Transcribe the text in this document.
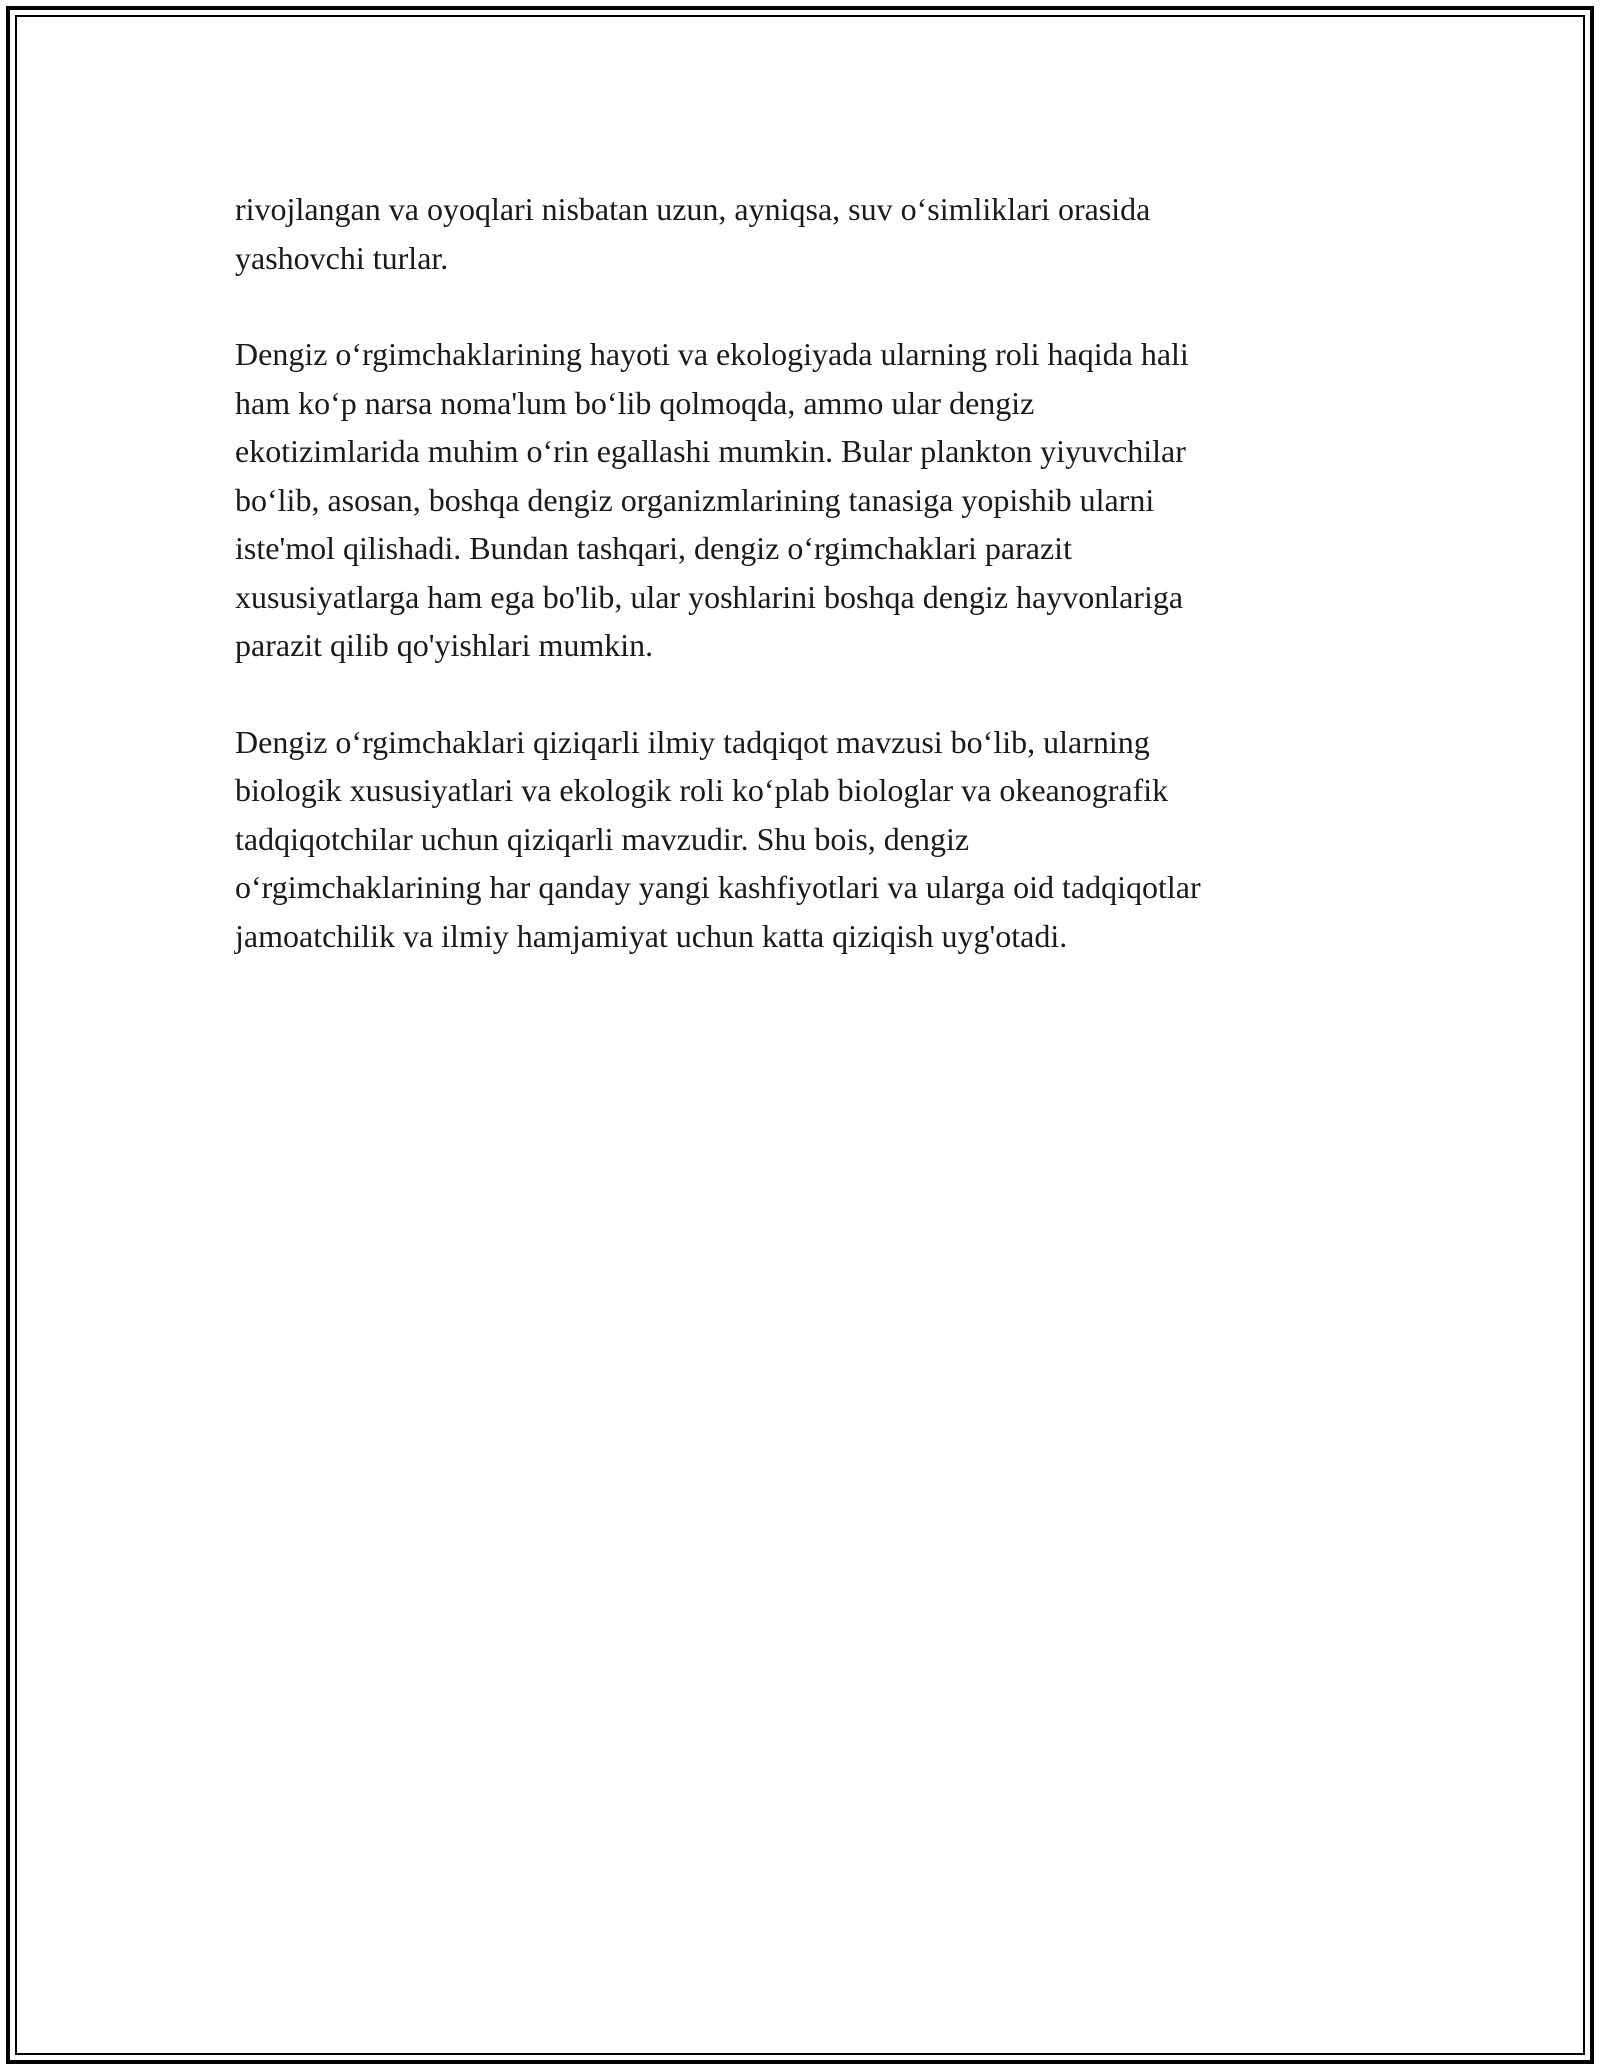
rivojlangan va oyoqlari nisbatan uzun, ayniqsa, suv o‘simliklari orasida
yashovchi turlar.

Dengiz o‘rgimchaklarining hayoti va ekologiyada ularning roli haqida hali
ham ko‘p narsa noma'lum bo‘lib qolmoqda, ammo ular dengiz
ekotizimlarida muhim o‘rin egallashi mumkin. Bular plankton yiyuvchilar
bo‘lib, asosan, boshqa dengiz organizmlarining tanasiga yopishib ularni
iste'mol qilishadi. Bundan tashqari, dengiz o‘rgimchaklari parazit
xususiyatlarga ham ega bo'lib, ular yoshlarini boshqa dengiz hayvonlariga
parazit qilib qo'yishlari mumkin.

Dengiz o‘rgimchaklari qiziqarli ilmiy tadqiqot mavzusi bo‘lib, ularning
biologik xususiyatlari va ekologik roli ko‘plab biologlar va okeanografik
tadqiqotchilar uchun qiziqarli mavzudir. Shu bois, dengiz
o‘rgimchaklarining har qanday yangi kashfiyotlari va ularga oid tadqiqotlar
jamoatchilik va ilmiy hamjamiyat uchun katta qiziqish uyg'otadi.
